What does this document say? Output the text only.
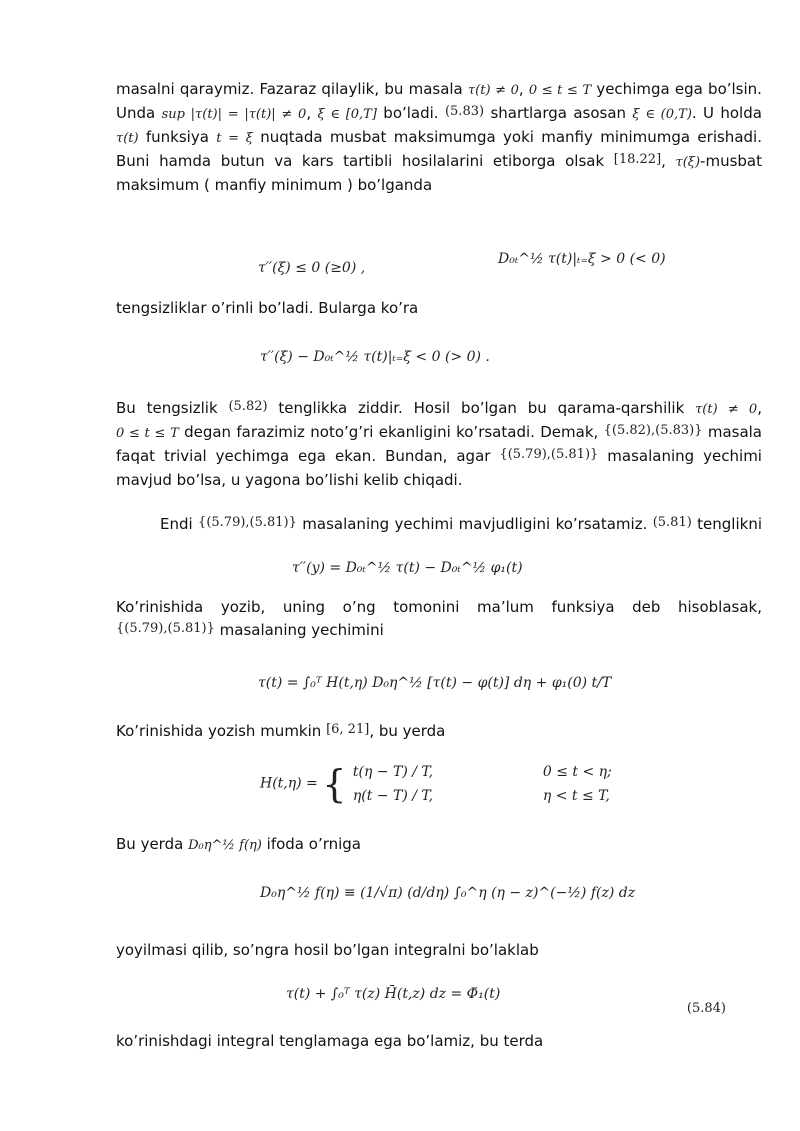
masalni qaraymiz. Fazaraz qilaylik, bu masala τ(t) ≠ 0, 0 ≤ t ≤ T yechimga ega bo’lsin.
Unda sup |τ(t)| = |τ(t)| ≠ 0, ξ ∈ [0,T] bo’ladi. (5.83) shartlarga asosan ξ ∈ (0,T). U holda
τ(t) funksiya t = ξ nuqtada musbat maksimumga yoki manfiy minimumga erishadi.
Buni hamda butun va kars tartibli hosilalarini etiborga olsak [18.22], τ(ξ)-musbat
maksimum ( manfiy minimum ) bo’lganda
τ′′(ξ) ≤ 0 (≥0) ,
D₀ₜ^½ τ(t)|ₜ₌ξ > 0 (< 0)
tengsizliklar o’rinli bo’ladi. Bularga ko’ra
τ′′(ξ) − D₀ₜ^½ τ(t)|ₜ₌ξ < 0 (> 0) .
Bu tengsizlik (5.82) tenglikka ziddir. Hosil bo’lgan bu qarama-qarshilik τ(t) ≠ 0,
0 ≤ t ≤ T degan farazimiz noto’g’ri ekanligini ko’rsatadi. Demak, {(5.82),(5.83)} masala
faqat trivial yechimga ega ekan. Bundan, agar {(5.79),(5.81)} masalaning yechimi
mavjud bo’lsa, u yagona bo’lishi kelib chiqadi.
Endi {(5.79),(5.81)} masalaning yechimi mavjudligini ko’rsatamiz. (5.81) tenglikni
τ′′(y) = D₀ₜ^½ τ(t) − D₀ₜ^½ φ₁(t)
Ko’rinishida yozib, uning o’ng tomonini ma’lum funksiya deb hisoblasak,
{(5.79),(5.81)} masalaning yechimini
τ(t) = ∫₀ᵀ H(t,η) D₀η^½ [τ(t) − φ(t)] dη + φ₁(0) t/T
Ko’rinishida yozish mumkin [6, 21], bu yerda
H(t,η) = { t(η − T) / T,	0 ≤ t < η;
η(t − T) / T,	η < t ≤ T,
Bu yerda D₀η^½ f(η) ifoda o’rniga
D₀η^½ f(η) ≡ (1/√π) (d/dη) ∫₀^η (η − z)^(−½) f(z) dz
yoyilmasi qilib, so’ngra hosil bo’lgan integralni bo’laklab
τ(t) + ∫₀ᵀ τ(z) H̄(t,z) dz = Φ̄₁(t)
(5.84)
ko’rinishdagi integral tenglamaga ega bo’lamiz, bu terda
